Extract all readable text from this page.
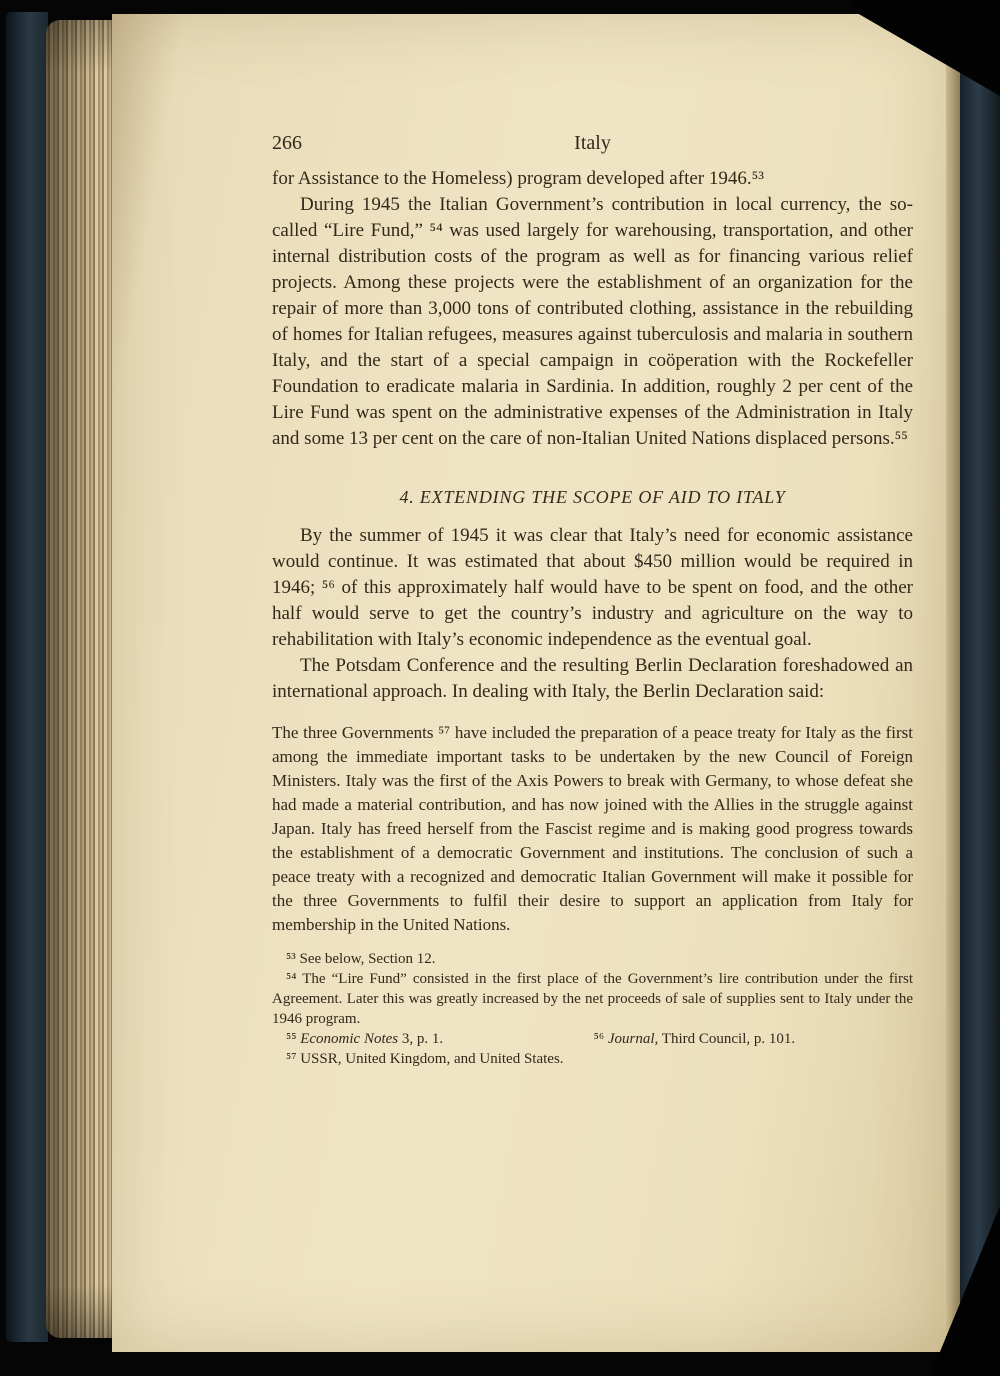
266	Italy

for Assistance to the Homeless) program developed after 1946.⁵³

During 1945 the Italian Government’s contribution in local currency, the so-called “Lire Fund,” ⁵⁴ was used largely for warehousing, transportation, and other internal distribution costs of the program as well as for financing various relief projects. Among these projects were the establishment of an organization for the repair of more than 3,000 tons of contributed clothing, assistance in the rebuilding of homes for Italian refugees, measures against tuberculosis and malaria in southern Italy, and the start of a special campaign in coöperation with the Rockefeller Foundation to eradicate malaria in Sardinia. In addition, roughly 2 per cent of the Lire Fund was spent on the administrative expenses of the Administration in Italy and some 13 per cent on the care of non-Italian United Nations displaced persons.⁵⁵

4. EXTENDING THE SCOPE OF AID TO ITALY

By the summer of 1945 it was clear that Italy’s need for economic assistance would continue. It was estimated that about $450 million would be required in 1946; ⁵⁶ of this approximately half would have to be spent on food, and the other half would serve to get the country’s industry and agriculture on the way to rehabilitation with Italy’s economic independence as the eventual goal.

The Potsdam Conference and the resulting Berlin Declaration foreshadowed an international approach. In dealing with Italy, the Berlin Declaration said:

The three Governments ⁵⁷ have included the preparation of a peace treaty for Italy as the first among the immediate important tasks to be undertaken by the new Council of Foreign Ministers. Italy was the first of the Axis Powers to break with Germany, to whose defeat she had made a material contribution, and has now joined with the Allies in the struggle against Japan. Italy has freed herself from the Fascist regime and is making good progress towards the establishment of a democratic Government and institutions. The conclusion of such a peace treaty with a recognized and democratic Italian Government will make it possible for the three Governments to fulfil their desire to support an application from Italy for membership in the United Nations.

⁵³ See below, Section 12.

⁵⁴ The “Lire Fund” consisted in the first place of the Government’s lire contribution under the first Agreement. Later this was greatly increased by the net proceeds of sale of supplies sent to Italy under the 1946 program.

⁵⁵ Economic Notes 3, p. 1.	⁵⁶ Journal, Third Council, p. 101.

⁵⁷ USSR, United Kingdom, and United States.
